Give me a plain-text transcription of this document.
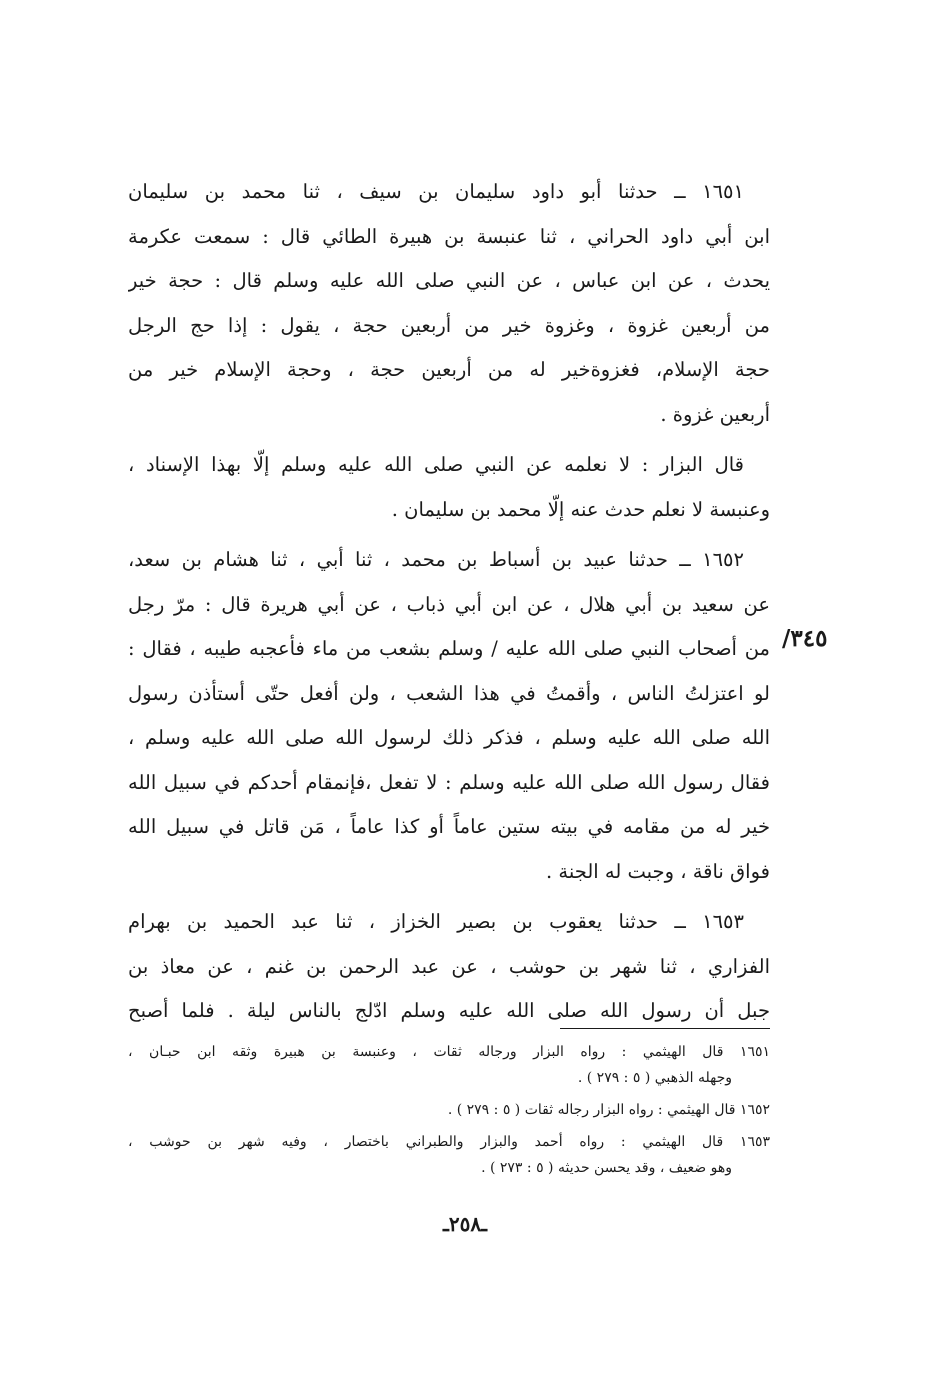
١٦٥١ ــ حدثنا أبو داود سليمان بن سيف ، ثنا محمد بن سليمان
ابن أبي داود الحراني ، ثنا عنبسة بن هبيرة الطائي قال : سمعت عكرمة
يحدث ، عن ابن عباس ، عن النبي صلى الله عليه وسلم قال : حجة خير
من أربعين غزوة ، وغزوة خير من أربعين حجة ، يقول : إذا حج الرجل
حجة الإسلام، فغزوةخير له من أربعين حجة ، وحجة الإسلام خير من
أربعين غزوة .
قال البزار : لا نعلمه عن النبي صلى الله عليه وسلم إلّا بهذا الإسناد ،
وعنبسة لا نعلم حدث عنه إلّا محمد بن سليمان .
١٦٥٢ ــ حدثنا عبيد بن أسباط بن محمد ، ثنا أبي ، ثنا هشام بن سعد،
عن سعيد بن أبي هلال ، عن ابن أبي ذباب ، عن أبي هريرة قال : مرّ رجل
من أصحاب النبي صلى الله عليه / وسلم بشعب من ماء فأعجبه طيبه ، فقال :
لو اعتزلتُ الناس ، وأقمتُ في هذا الشعب ، ولن أفعل حتّى أستأذن رسول
الله صلى الله عليه وسلم ، فذكر ذلك لرسول الله صلى الله عليه وسلم ،
فقال رسول الله صلى الله عليه وسلم : لا تفعل ،فإنمقام أحدكم في سبيل الله
خير له من مقامه في بيته ستين عاماً أو كذا عاماً ، مَن قاتل في سبيل الله
فواق ناقة ، وجبت له الجنة .
١٦٥٣ ــ حدثنا يعقوب بن بصير الخزاز ، ثنا عبد الحميد بن بهرام
الفزاري ، ثنا شهر بن حوشب ، عن عبد الرحمن بن غنم ، عن معاذ بن
جبل أن رسول الله صلى الله عليه وسلم ادّلج بالناس ليلة . فلما أصبح
٣٤٥/
١٦٥١ قال الهيثمي : رواه البزار ورجاله ثقات ، وعنبسة بن هبيرة وثقه ابن حبـان ،
وجهله الذهبي ( ٥ : ٢٧٩ ) .
١٦٥٢ قال الهيثمي : رواه البزار رجاله ثقات ( ٥ : ٢٧٩ ) .
١٦٥٣ قال الهيثمي : رواه أحمد والبزار والطبراني باختصار ، وفيه شهر بن حوشب ،
وهو ضعيف ، وقد يحسن حديثه ( ٥ : ٢٧٣ ) .
ـ٢٥٨ـ
